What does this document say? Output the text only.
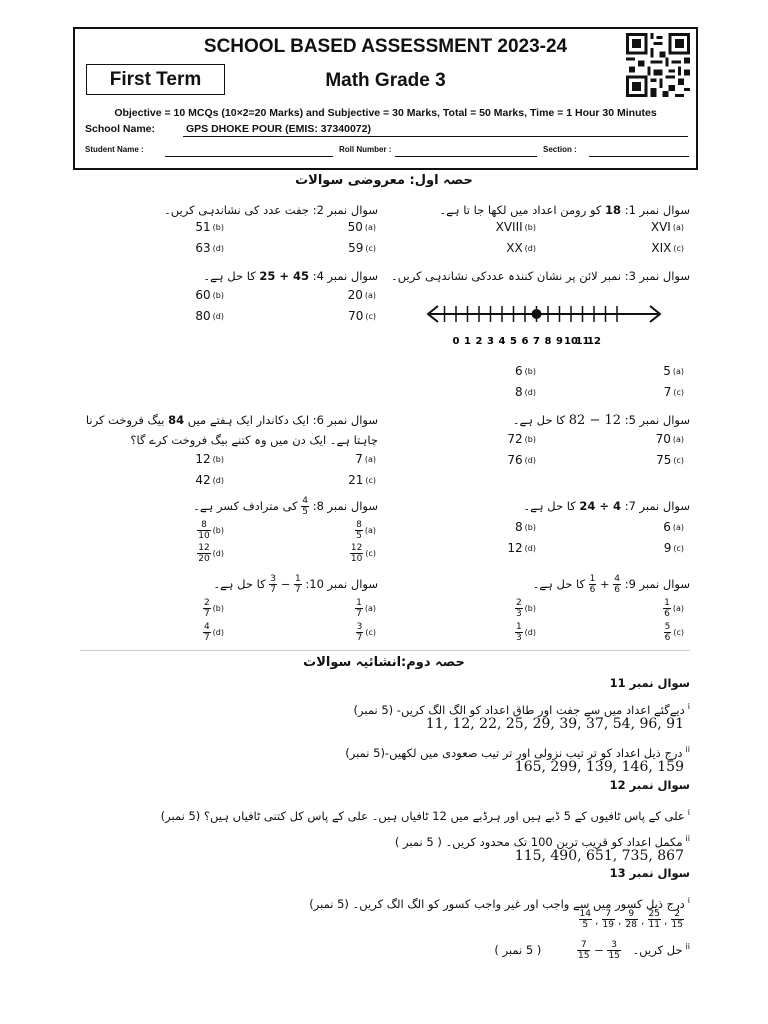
SCHOOL BASED ASSESSMENT 2023-24
First Term	Math Grade 3
Objective = 10 MCQs (10×2=20 Marks) and Subjective = 30 Marks, Total = 50 Marks, Time = 1 Hour 30 Minutes
School Name:	GPS DHOKE POUR (EMIS: 37340072)
Student Name :	Roll Number :	Section :
حصہ اول: معروضی سوالات
سوال نمبر 1: 18 کو رومن اعداد میں لکھا جا تا ہے۔
XVI (a)
XVIII (b)
XIX (c)
XX (d)
سوال نمبر 2: جفت عدد کی نشاندہی کریں۔
50 (a)
51 (b)
59 (c)
63 (d)
سوال نمبر 3: نمبر لائن پر نشان کنندہ عددکی نشاندہی کریں۔
0 1 2 3 4 5 6 7 8 9 10
11
12
5 (a)
6 (b)
7 (c)
8 (d)
سوال نمبر 4: 25 + 45 کا حل ہے۔
20 (a)
60 (b)
70 (c)
80 (d)
سوال نمبر 5: 82 − 12 کا حل ہے۔
70 (a)
72 (b)
75 (c)
76 (d)
سوال نمبر 6: ایک دکاندار ایک ہفتے میں 84 بیگ فروخت کرنا
چاہتا ہے۔ ایک دن میں وہ کتنے بیگ فروخت کرے گا؟
7 (a)
12 (b)
21 (c)
42 (d)
سوال نمبر 7: 24 ÷ 4 کا حل ہے۔
6 (a)
8 (b)
9 (c)
12 (d)
سوال نمبر 8:
$\frac{4}{5}$
کی مترادف کسر ہے۔
$\frac{8}{5} (a)$
$\frac{8}{10} (b)$
$\frac{12}{10} (c)$
$\frac{12}{20} (d)$
سوال نمبر 9:
$\frac{1}{6} + \frac{4}{6}$
کا حل ہے۔
$\frac{1}{6} (a)$
$\frac{2}{3} (b)$
$\frac{5}{6} (c)$
$\frac{1}{3} (d)$
سوال نمبر 10:
$\frac{3}{7} - \frac{1}{7}$
کا حل ہے۔
$\frac{1}{7} (a)$
$\frac{2}{7} (b)$
$\frac{3}{7} (c)$
$\frac{4}{7} (d)$
حصہ دوم:انشائیہ سوالات
سوال نمبر 11
$^i$دیےگئے اعداد میں سے جفت اور طاق اعداد کو الگ الگ کریں- (5 نمبر)
11, 12, 22, 25, 29, 39, 37, 54, 96, 91
$^{ii}$درج ذیل اعداد کو تر تیب نزولی اور تر تیب صعودی میں لکھیں-(5 نمبر)
165, 299, 139, 146, 159
سوال نمبر 12
$^i$علی کے پاس ٹافیوں کے 5 ڈبے ہیں اور ہرڈبے میں 12 ٹافیاں ہیں۔ علی کے پاس کل کتنی ٹافیاں ہیں؟ (5 نمبر)
$^{ii}$مکمل اعداد کو قریب ترین 100 تک محدود کریں۔ ( 5 نمبر )
115, 490, 651, 735, 867
سوال نمبر 13
$^i$درج ذیل کسور میں سے واجب اور غیر واجب کسور کو الگ الگ کریں۔ (5 نمبر)
$\frac{14}{5}$ , $\frac{7}{19}$ , $\frac{9}{28}$ , $\frac{25}{11}$ , $\frac{2}{15}$
$^{ii}$حل کریں۔
$\frac{7}{15} - \frac{3}{15}$
( 5 نمبر )
